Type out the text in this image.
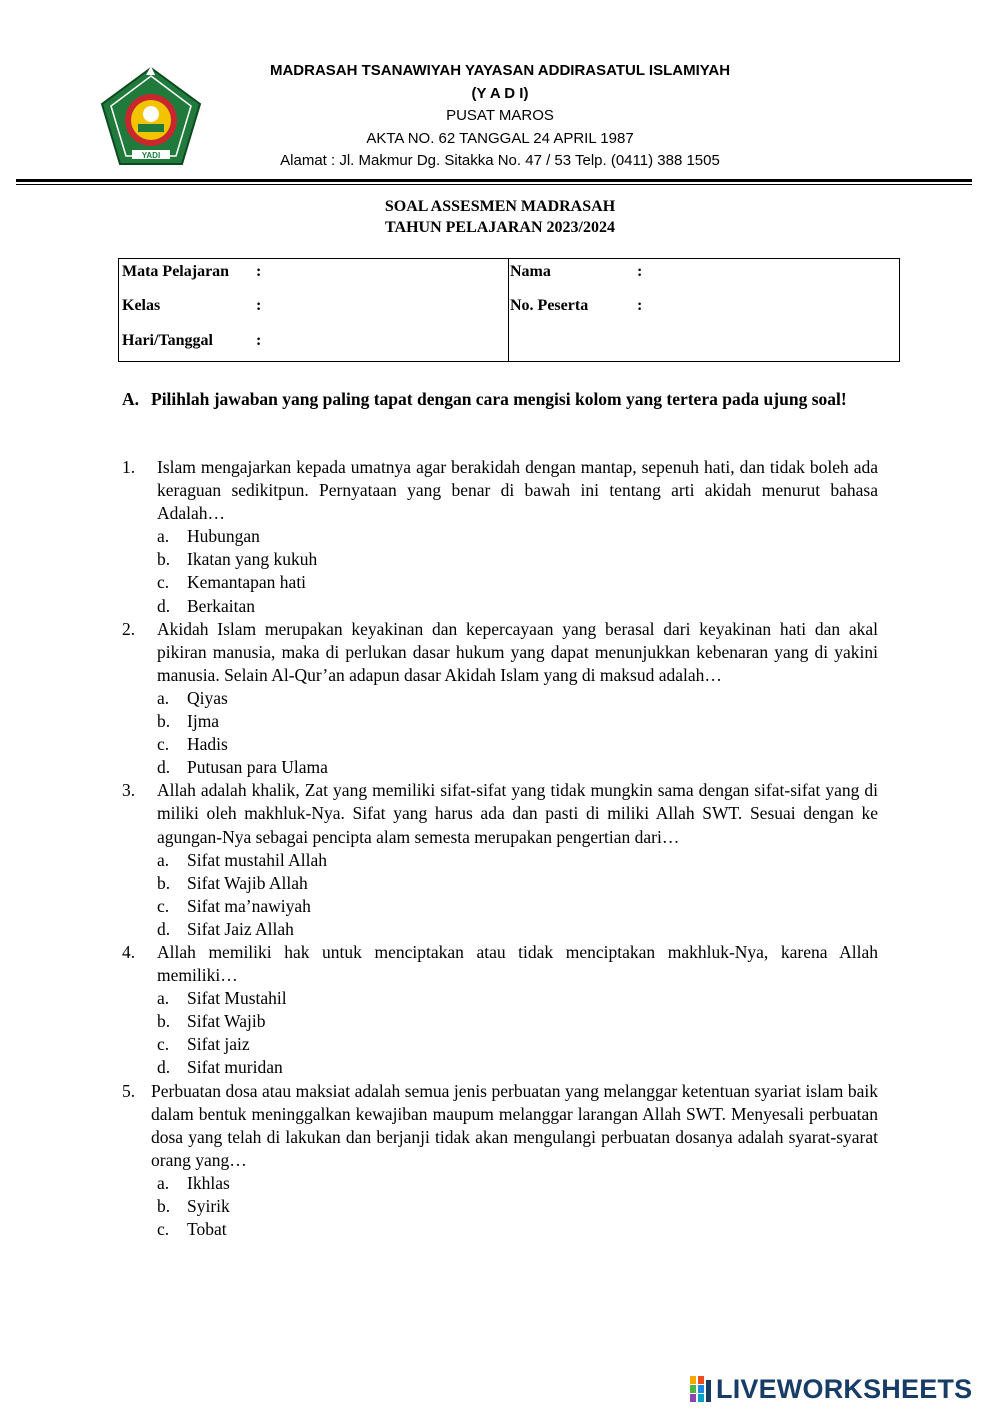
YADI
MADRASAH TSANAWIYAH YAYASAN ADDIRASATUL ISLAMIYAH
(Y A D I)
PUSAT MAROS
AKTA NO. 62 TANGGAL 24 APRIL 1987
Alamat : Jl. Makmur Dg. Sitakka No. 47 / 53 Telp. (0411) 388 1505
SOAL ASSESMEN MADRASAH
TAHUN PELAJARAN 2023/2024
Mata Pelajaran :
Kelas	:
Hari/Tanggal	:
Nama	:
No. Peserta	:
A. Pilihlah jawaban yang paling tapat dengan cara mengisi kolom yang tertera pada ujung soal!
1. Islam mengajarkan kepada umatnya agar berakidah dengan mantap, sepenuh hati, dan tidak boleh ada keraguan sedikitpun. Pernyataan yang benar di bawah ini tentang arti akidah menurut bahasa Adalah…
a. Hubungan
b. Ikatan yang kukuh
c. Kemantapan hati
d. Berkaitan
2. Akidah Islam merupakan keyakinan dan kepercayaan yang berasal dari keyakinan hati dan akal pikiran manusia, maka di perlukan dasar hukum yang dapat menunjukkan kebenaran yang di yakini manusia. Selain Al-Qur’an adapun dasar Akidah Islam yang di maksud adalah…
a. Qiyas
b. Ijma
c. Hadis
d. Putusan para Ulama
3. Allah adalah khalik, Zat yang memiliki sifat-sifat yang tidak mungkin sama dengan sifat-sifat yang di miliki oleh makhluk-Nya. Sifat yang harus ada dan pasti di miliki Allah SWT. Sesuai dengan ke agungan-Nya sebagai pencipta alam semesta merupakan pengertian dari…
a. Sifat mustahil Allah
b. Sifat Wajib Allah
c. Sifat ma’nawiyah
d. Sifat Jaiz Allah
4. Allah memiliki hak untuk menciptakan atau tidak menciptakan makhluk-Nya, karena Allah memiliki…
a. Sifat Mustahil
b. Sifat Wajib
c. Sifat jaiz
d. Sifat muridan
5. Perbuatan dosa atau maksiat adalah semua jenis perbuatan yang melanggar ketentuan syariat islam baik dalam bentuk meninggalkan kewajiban maupum melanggar larangan Allah SWT. Menyesali perbuatan dosa yang telah di lakukan dan berjanji tidak akan mengulangi perbuatan dosanya adalah syarat-syarat orang yang…
a. Ikhlas
b. Syirik
c. Tobat
LIVEWORKSHEETS
